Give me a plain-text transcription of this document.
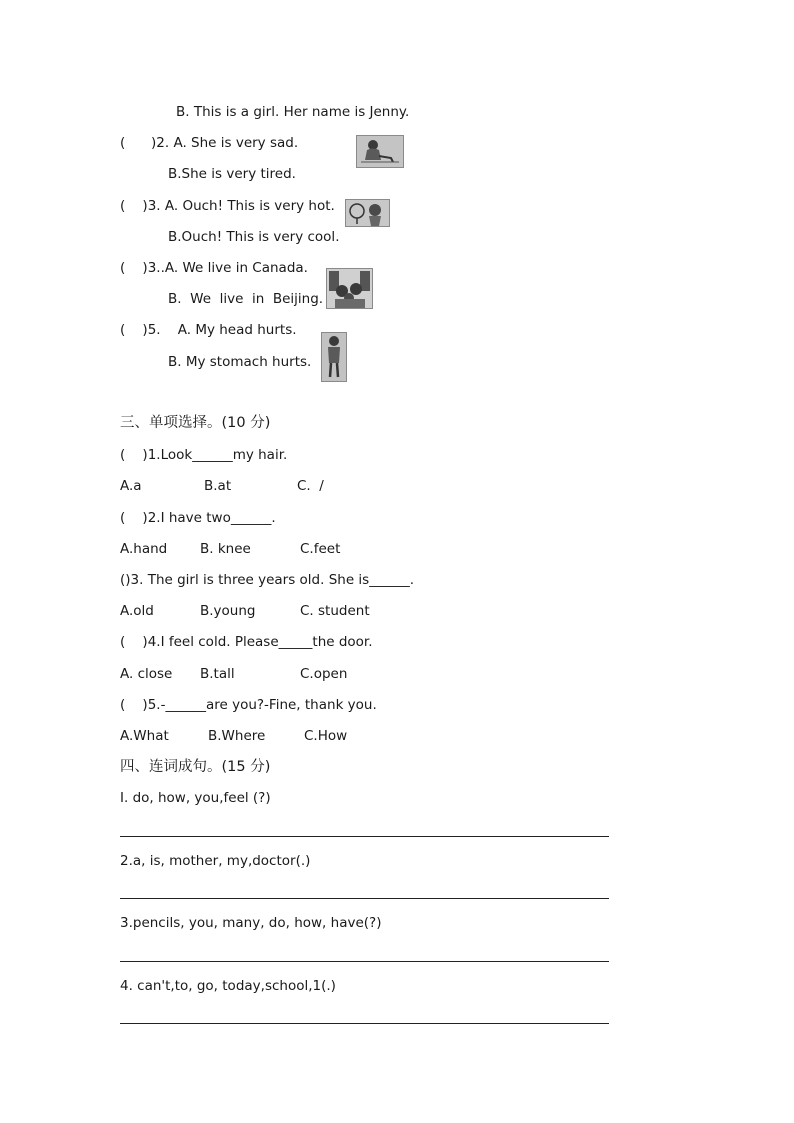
B. This is a girl. Her name is Jenny.
(      )2. A. She is very sad.
B.She is very tired.
(    )3. A. Ouch! This is very hot.
B.Ouch! This is very cool.
(    )3..A. We live in Canada.
B.  We  live  in  Beijing.
(    )5.    A. My head hurts.
B. My stomach hurts.
三、单项选择。(10 分)
(    )1.Look______my hair.
A.a	B.at	C.  /
(    )2.I have two______.
A.hand B. knee	C.feet
()3. The girl is three years old. She is______.
A.old	B.young	C. student
(    )4.I feel cold. Please_____the door.
A. close B.tall	C.open
(    )5.-______are you?-Fine, thank you.
A.What	B.Where	C.How
四、连词成句。(15 分)
I. do, how, you,feel (?)
2.a, is, mother, my,doctor(.)
3.pencils, you, many, do, how, have(?)
4. can't,to, go, today,school,1(.)
